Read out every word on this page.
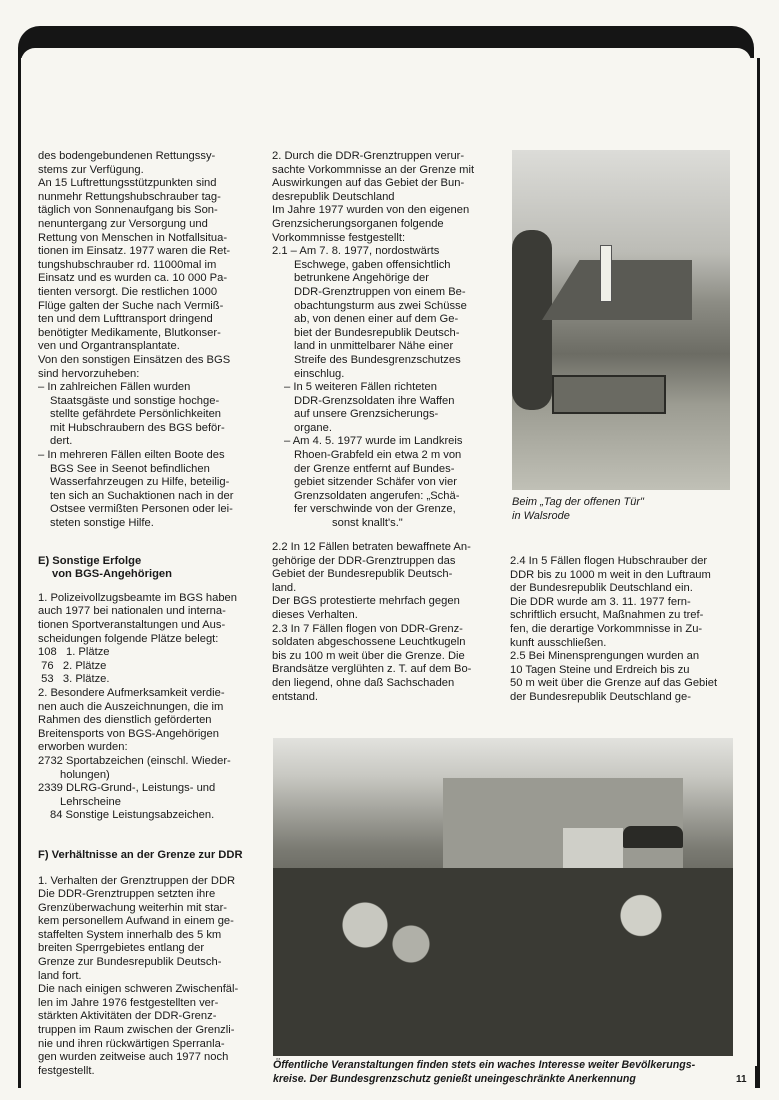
des bodengebundenen Rettungssy-

stems zur Verfügung.

An 15 Luftrettungsstützpunkten sind

nunmehr Rettungshubschrauber tag-

täglich von Sonnenaufgang bis Son-

nenuntergang zur Versorgung und

Rettung von Menschen in Notfallsitua-

tionen im Einsatz. 1977 waren die Ret-

tungshubschrauber rd. 11000mal im

Einsatz und es wurden ca. 10 000 Pa-

tienten versorgt. Die restlichen 1000

Flüge galten der Suche nach Vermiß-

ten und dem Lufttransport dringend

benötigter Medikamente, Blutkonser-

ven und Organtransplantate.

Von den sonstigen Einsätzen des BGS

sind hervorzuheben:

– In zahlreichen Fällen wurden

Staatsgäste und sonstige hochge-

stellte gefährdete Persönlichkeiten

mit Hubschraubern des BGS beför-

dert.

– In mehreren Fällen eilten Boote des

BGS See in Seenot befindlichen

Wasserfahrzeugen zu Hilfe, beteilig-

ten sich an Suchaktionen nach in der

Ostsee vermißten Personen oder lei-

steten sonstige Hilfe.

E) Sonstige Erfolge

von BGS-Angehörigen

1. Polizeivollzugsbeamte im BGS haben

auch 1977 bei nationalen und interna-

tionen Sportveranstaltungen und Aus-

scheidungen folgende Plätze belegt:

108   1. Plätze

76   2. Plätze

53   3. Plätze.

2. Besondere Aufmerksamkeit verdie-

nen auch die Auszeichnungen, die im

Rahmen des dienstlich geförderten

Breitensports von BGS-Angehörigen

erworben wurden:

2732 Sportabzeichen (einschl. Wieder-

holungen)

2339 DLRG-Grund-, Leistungs- und

Lehrscheine

84 Sonstige Leistungsabzeichen.

F) Verhältnisse an der Grenze zur DDR

1. Verhalten der Grenztruppen der DDR

Die DDR-Grenztruppen setzten ihre

Grenzüberwachung weiterhin mit star-

kem personellem Aufwand in einem ge-

staffelten System innerhalb des 5 km

breiten Sperrgebietes entlang der

Grenze zur Bundesrepublik Deutsch-

land fort.

Die nach einigen schweren Zwischenfäl-

len im Jahre 1976 festgestellten ver-

stärkten Aktivitäten der DDR-Grenz-

truppen im Raum zwischen der Grenzli-

nie und ihren rückwärtigen Sperranla-

gen wurden zeitweise auch 1977 noch

festgestellt.

2. Durch die DDR-Grenztruppen verur-

sachte Vorkommnisse an der Grenze mit

Auswirkungen auf das Gebiet der Bun-

desrepublik Deutschland

Im Jahre 1977 wurden von den eigenen

Grenzsicherungsorganen folgende

Vorkommnisse festgestellt:

2.1 – Am 7. 8. 1977, nordostwärts

Eschwege, gaben offensichtlich

betrunkene Angehörige der

DDR-Grenztruppen von einem Be-

obachtungsturm aus zwei Schüsse

ab, von denen einer auf dem Ge-

biet der Bundesrepublik Deutsch-

land in unmittelbarer Nähe einer

Streife des Bundesgrenzschutzes

einschlug.

– In 5 weiteren Fällen richteten

DDR-Grenzsoldaten ihre Waffen

auf unsere Grenzsicherungs-

organe.

– Am 4. 5. 1977 wurde im Landkreis

Rhoen-Grabfeld ein etwa 2 m von

der Grenze entfernt auf Bundes-

gebiet sitzender Schäfer von vier

Grenzsoldaten angerufen: „Schä-

fer verschwinde von der Grenze,

sonst knallt's."

2.2 In 12 Fällen betraten bewaffnete An-

gehörige der DDR-Grenztruppen das

Gebiet der Bundesrepublik Deutsch-

land.

Der BGS protestierte mehrfach gegen

dieses Verhalten.

2.3 In 7 Fällen flogen von DDR-Grenz-

soldaten abgeschossene Leuchtkugeln

bis zu 100 m weit über die Grenze. Die

Brandsätze verglühten z. T. auf dem Bo-

den liegend, ohne daß Sachschaden

entstand.

Beim „Tag der offenen Tür"
in Walsrode

2.4 In 5 Fällen flogen Hubschrauber der

DDR bis zu 1000 m weit in den Luftraum

der Bundesrepublik Deutschland ein.

Die DDR wurde am 3. 11. 1977 fern-

schriftlich ersucht, Maßnahmen zu tref-

fen, die derartige Vorkommnisse in Zu-

kunft ausschließen.

2.5 Bei Minensprengungen wurden an

10 Tagen Steine und Erdreich bis zu

50 m weit über die Grenze auf das Gebiet

der Bundesrepublik Deutschland ge-

Öffentliche Veranstaltungen finden stets ein waches Interesse weiter Bevölkerungs-
kreise. Der Bundesgrenzschutz genießt uneingeschränkte Anerkennung	11
